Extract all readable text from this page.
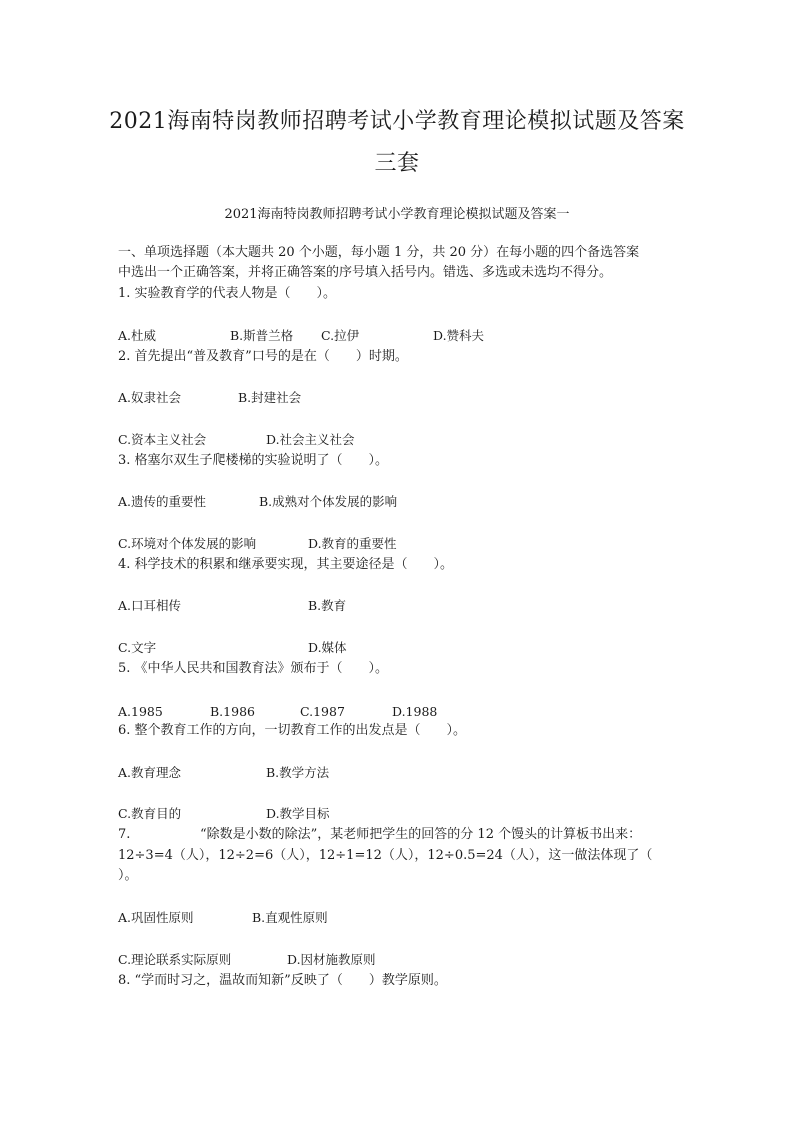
2021海南特岗教师招聘考试小学教育理论模拟试题及答案
三套
2021海南特岗教师招聘考试小学教育理论模拟试题及答案一
一、单项选择题（本大题共 20 个小题，每小题 1 分，共 20 分）在每小题的四个备选答案
中选出一个正确答案，并将正确答案的序号填入括号内。错选、多选或未选均不得分。
1. 实验教育学的代表人物是（　　）。
A.杜威	B.斯普兰格 C.拉伊	D.赞科夫
2. 首先提出“普及教育”口号的是在（　　）时期。
A.奴隶社会	B.封建社会
C.资本主义社会	D.社会主义社会
3. 格塞尔双生子爬楼梯的实验说明了（　　）。
A.遗传的重要性	B.成熟对个体发展的影响
C.环境对个体发展的影响	D.教育的重要性
4. 科学技术的积累和继承要实现，其主要途径是（　　）。
A.口耳相传	B.教育
C.文字	D.媒体
5. 《中华人民共和国教育法》颁布于（　　）。
A.1985	B.1986	C.1987	D.1988
6. 整个教育工作的方向，一切教育工作的出发点是（　　）。
A.教育理念	B.教学方法
C.教育目的	D.教学目标
7.	“除数是小数的除法”，某老师把学生的回答的分 12 个馒头的计算板书出来：
12÷3=4（人），12÷2=6（人），12÷1=12（人），12÷0.5=24（人），这一做法体现了（
）。
A.巩固性原则	B.直观性原则
C.理论联系实际原则	D.因材施教原则
8. “学而时习之，温故而知新”反映了（　　）教学原则。
